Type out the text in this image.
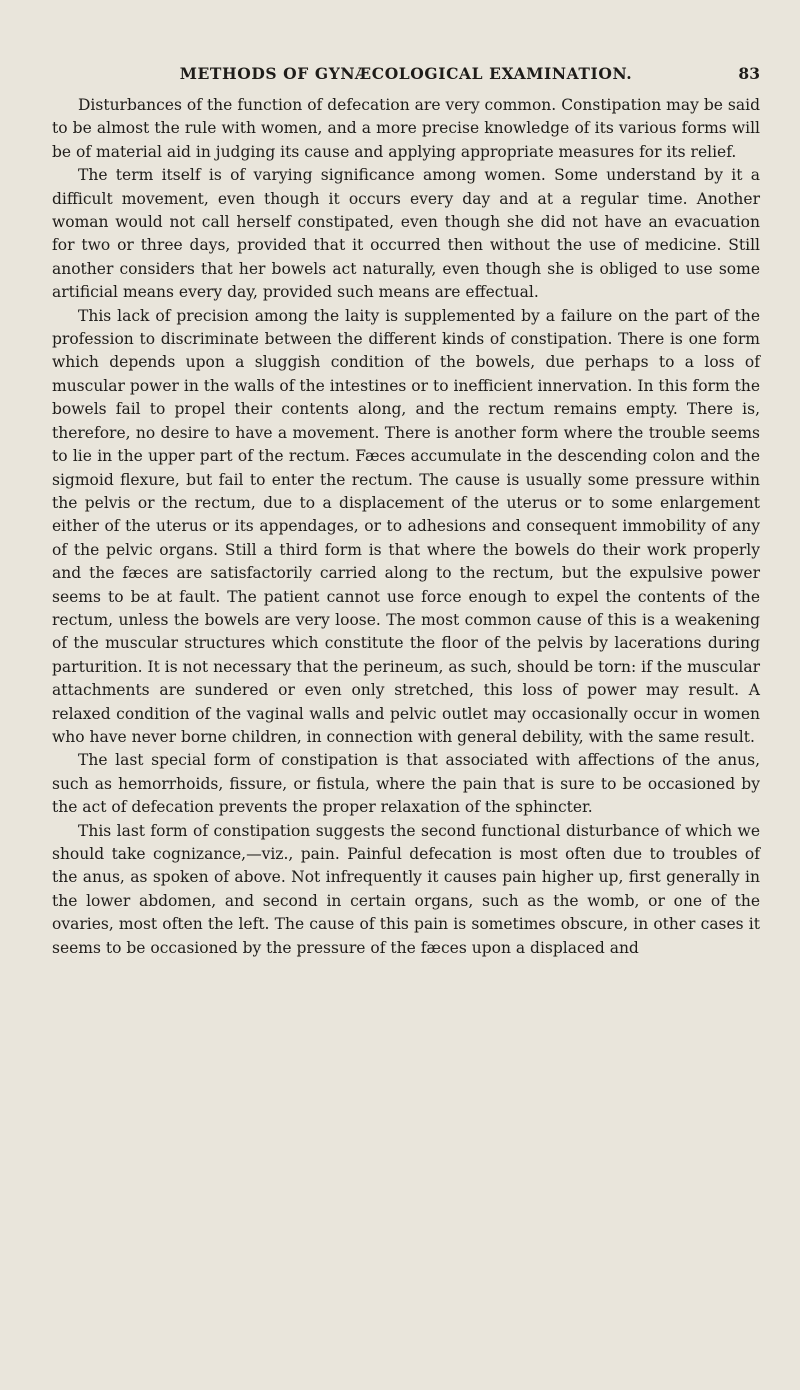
METHODS OF GYNÆCOLOGICAL EXAMINATION.	83

Disturbances of the function of defecation are very common. Constipation may be said to be almost the rule with women, and a more precise knowledge of its various forms will be of material aid in judging its cause and applying appropriate measures for its relief.

The term itself is of varying significance among women. Some understand by it a difficult movement, even though it occurs every day and at a regular time. Another woman would not call herself constipated, even though she did not have an evacuation for two or three days, provided that it occurred then without the use of medicine. Still another considers that her bowels act naturally, even though she is obliged to use some artificial means every day, provided such means are effectual.

This lack of precision among the laity is supplemented by a failure on the part of the profession to discriminate between the different kinds of constipation. There is one form which depends upon a sluggish condition of the bowels, due perhaps to a loss of muscular power in the walls of the intestines or to inefficient innervation. In this form the bowels fail to propel their contents along, and the rectum remains empty. There is, therefore, no desire to have a movement. There is another form where the trouble seems to lie in the upper part of the rectum. Fæces accumulate in the descending colon and the sigmoid flexure, but fail to enter the rectum. The cause is usually some pressure within the pelvis or the rectum, due to a displacement of the uterus or to some enlargement either of the uterus or its appendages, or to adhesions and consequent immobility of any of the pelvic organs. Still a third form is that where the bowels do their work properly and the fæces are satisfactorily carried along to the rectum, but the expulsive power seems to be at fault. The patient cannot use force enough to expel the contents of the rectum, unless the bowels are very loose. The most common cause of this is a weakening of the muscular structures which constitute the floor of the pelvis by lacerations during parturition. It is not necessary that the perineum, as such, should be torn: if the muscular attachments are sundered or even only stretched, this loss of power may result. A relaxed condition of the vaginal walls and pelvic outlet may occasionally occur in women who have never borne children, in connection with general debility, with the same result.

The last special form of constipation is that associated with affections of the anus, such as hemorrhoids, fissure, or fistula, where the pain that is sure to be occasioned by the act of defecation prevents the proper relaxation of the sphincter.

This last form of constipation suggests the second functional disturbance of which we should take cognizance,—viz., pain. Painful defecation is most often due to troubles of the anus, as spoken of above. Not infrequently it causes pain higher up, first generally in the lower abdomen, and second in certain organs, such as the womb, or one of the ovaries, most often the left. The cause of this pain is sometimes obscure, in other cases it seems to be occasioned by the pressure of the fæces upon a displaced and
